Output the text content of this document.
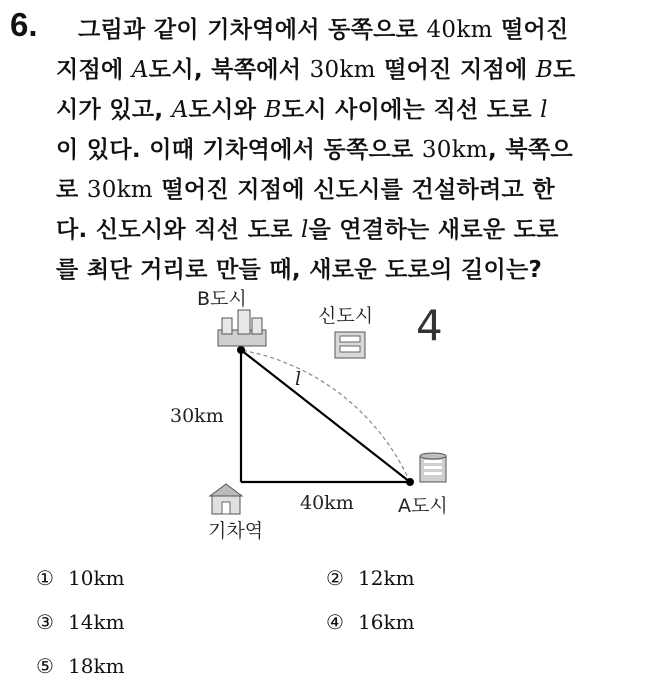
6.	그림과 같이 기차역에서 동쪽으로 40km 떨어진
지점에 A도시, 북쪽에서 30km 떨어진 지점에 B도
시가 있고, A도시와 B도시 사이에는 직선 도로 l
이 있다. 이때 기차역에서 동쪽으로 30km, 북쪽으
로 30km 떨어진 지점에 신도시를 건설하려고 한
다. 신도시와 직선 도로 l을 연결하는 새로운 도로
를 최단 거리로 만들 때, 새로운 도로의 길이는?
B도시
신도시 4
l
30km
40km A도시
기차역
① 10km	② 12km
③ 14km	④ 16km
⑤ 18km
